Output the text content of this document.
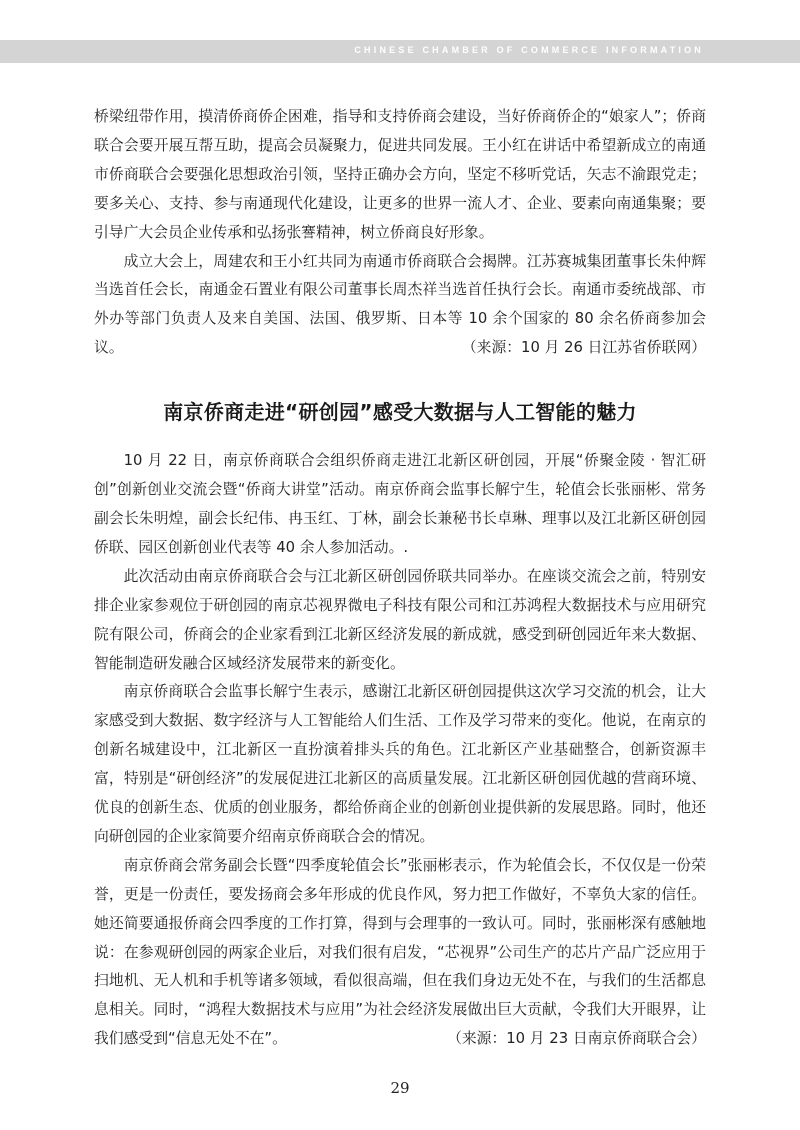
CHINESE CHAMBER OF COMMERCE INFORMATION

桥梁纽带作用，摸清侨商侨企困难，指导和支持侨商会建设，当好侨商侨企的“娘家人”；侨商联合会要开展互帮互助，提高会员凝聚力，促进共同发展。王小红在讲话中希望新成立的南通市侨商联合会要强化思想政治引领，坚持正确办会方向，坚定不移听党话，矢志不渝跟党走；要多关心、支持、参与南通现代化建设，让更多的世界一流人才、企业、要素向南通集聚；要引导广大会员企业传承和弘扬张謇精神，树立侨商良好形象。

成立大会上，周建农和王小红共同为南通市侨商联合会揭牌。江苏赛城集团董事长朱仲辉当选首任会长，南通金石置业有限公司董事长周杰祥当选首任执行会长。南通市委统战部、市外办等部门负责人及来自美国、法国、俄罗斯、日本等 10 余个国家的 80 余名侨商参加会议。	（来源：10 月 26 日江苏省侨联网）
南京侨商走进“研创园”感受大数据与人工智能的魅力

10 月 22 日，南京侨商联合会组织侨商走进江北新区研创园，开展“侨聚金陵 · 智汇研创”创新创业交流会暨“侨商大讲堂”活动。南京侨商会监事长解宁生，轮值会长张丽彬、常务副会长朱明煌，副会长纪伟、冉玉红、丁林，副会长兼秘书长卓琳、理事以及江北新区研创园侨联、园区创新创业代表等 40 余人参加活动。.

此次活动由南京侨商联合会与江北新区研创园侨联共同举办。在座谈交流会之前，特别安排企业家参观位于研创园的南京芯视界微电子科技有限公司和江苏鸿程大数据技术与应用研究院有限公司，侨商会的企业家看到江北新区经济发展的新成就，感受到研创园近年来大数据、智能制造研发融合区域经济发展带来的新变化。

南京侨商联合会监事长解宁生表示，感谢江北新区研创园提供这次学习交流的机会，让大家感受到大数据、数字经济与人工智能给人们生活、工作及学习带来的变化。他说，在南京的创新名城建设中，江北新区一直扮演着排头兵的角色。江北新区产业基础整合，创新资源丰富，特别是“研创经济”的发展促进江北新区的高质量发展。江北新区研创园优越的营商环境、优良的创新生态、优质的创业服务，都给侨商企业的创新创业提供新的发展思路。同时，他还向研创园的企业家简要介绍南京侨商联合会的情况。

南京侨商会常务副会长暨“四季度轮值会长”张丽彬表示，作为轮值会长，不仅仅是一份荣誉，更是一份责任，要发扬商会多年形成的优良作风，努力把工作做好，不辜负大家的信任。她还简要通报侨商会四季度的工作打算，得到与会理事的一致认可。同时，张丽彬深有感触地说：在参观研创园的两家企业后，对我们很有启发，“芯视界”公司生产的芯片产品广泛应用于扫地机、无人机和手机等诸多领域，看似很高端，但在我们身边无处不在，与我们的生活都息息相关。同时，“鸿程大数据技术与应用”为社会经济发展做出巨大贡献，令我们大开眼界，让我们感受到“信息无处不在”。	（来源：10 月 23 日南京侨商联合会）
29
